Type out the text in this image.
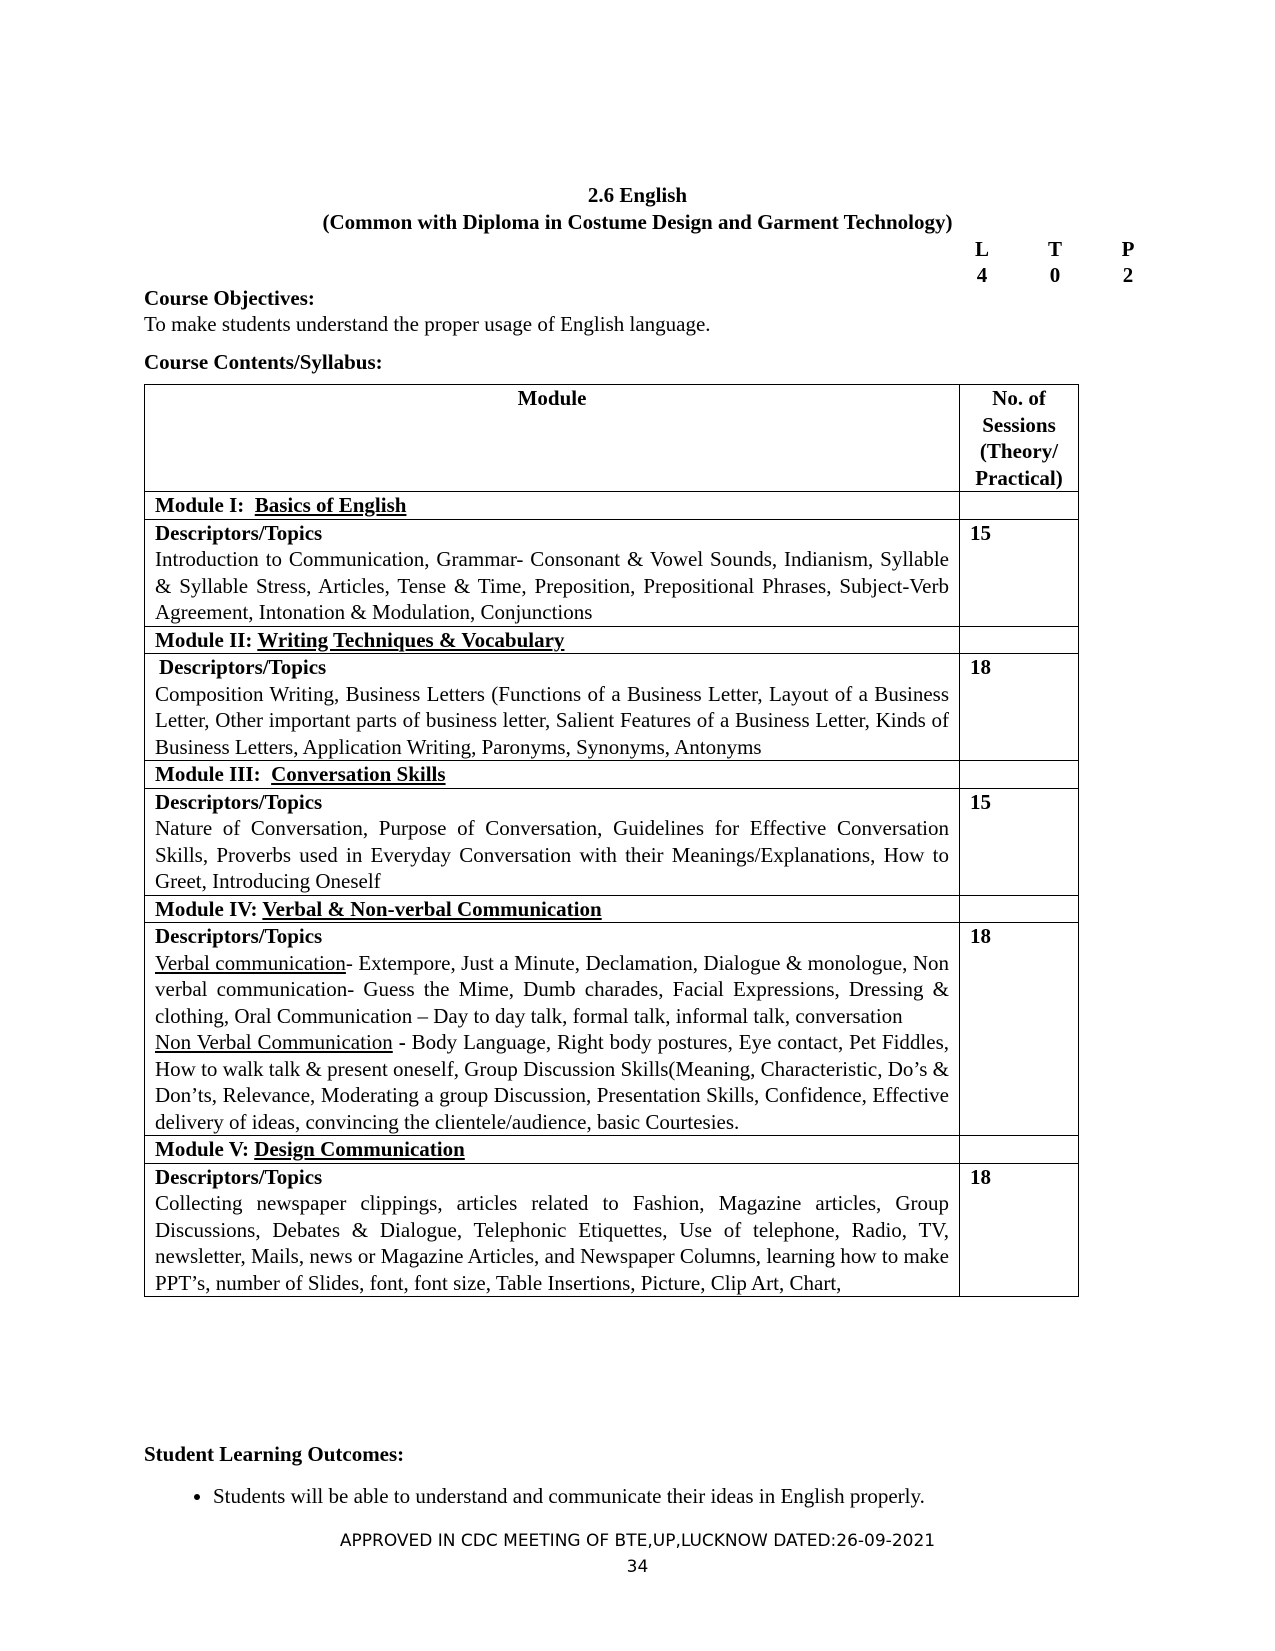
2.6 English
(Common with Diploma in Costume Design and Garment Technology)
L	T	P
4	0	2
Course Objectives:
To make students understand the proper usage of English language.
Course Contents/Syllabus:
Module	No. of
Sessions
(Theory/
Practical)

Module I: Basics of English	

Descriptors/Topics
Introduction to Communication, Grammar- Consonant & Vowel Sounds, Indianism, Syllable & Syllable Stress, Articles, Tense & Time, Preposition, Prepositional Phrases, Subject-Verb Agreement, Intonation & Modulation, Conjunctions	15
Module II: Writing Techniques & Vocabulary	

Descriptors/Topics
Composition Writing, Business Letters (Functions of a Business Letter, Layout of a Business Letter, Other important parts of business letter, Salient Features of a Business Letter, Kinds of Business Letters, Application Writing, Paronyms, Synonyms, Antonyms	18
Module III: Conversation Skills	

Descriptors/Topics
Nature of Conversation, Purpose of Conversation, Guidelines for Effective Conversation Skills, Proverbs used in Everyday Conversation with their Meanings/Explanations, How to Greet, Introducing Oneself	15
Module IV: Verbal & Non-verbal Communication	

Descriptors/Topics
Verbal communication- Extempore, Just a Minute, Declamation, Dialogue & monologue, Non verbal communication- Guess the Mime, Dumb charades, Facial Expressions, Dressing & clothing, Oral Communication – Day to day talk, formal talk, informal talk, conversation
Non Verbal Communication - Body Language, Right body postures, Eye contact, Pet Fiddles, How to walk talk & present oneself, Group Discussion Skills(Meaning, Characteristic, Do’s & Don’ts, Relevance, Moderating a group Discussion, Presentation Skills, Confidence, Effective delivery of ideas, convincing the clientele/audience, basic Courtesies.	18
Module V: Design Communication	

Descriptors/Topics
Collecting newspaper clippings, articles related to Fashion, Magazine articles, Group Discussions, Debates & Dialogue, Telephonic Etiquettes, Use of telephone, Radio, TV, newsletter, Mails, news or Magazine Articles, and Newspaper Columns, learning how to make PPT’s, number of Slides, font, font size, Table Insertions, Picture, Clip Art, Chart,	18
Student Learning Outcomes:
• Students will be able to understand and communicate their ideas in English properly.
APPROVED IN CDC MEETING OF BTE,UP,LUCKNOW DATED:26-09-2021
34
